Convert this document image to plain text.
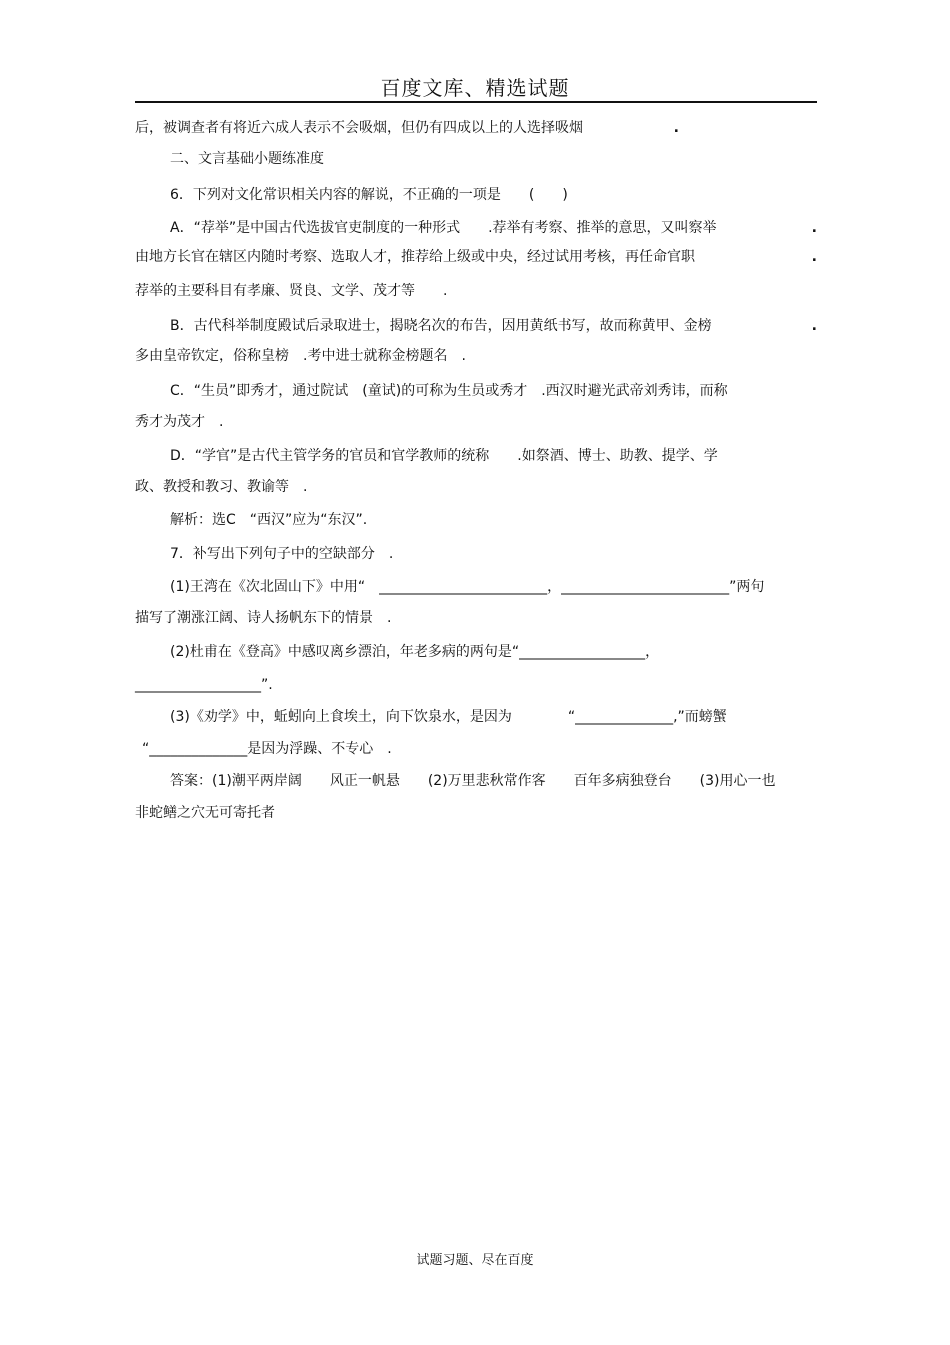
百度文库、精选试题
后，被调查者有将近六成人表示不会吸烟，但仍有四成以上的人选择吸烟	.
二、文言基础小题练准度
6．下列对文化常识相关内容的解说，不正确的一项是　　(　　)
A．“荐举”是中国古代选拔官吏制度的一种形式　　.荐举有考察、推举的意思，又叫察举	.
由地方长官在辖区内随时考察、选取人才，推荐给上级或中央，经过试用考核，再任命官职	.
荐举的主要科目有孝廉、贤良、文学、茂才等　　.
B．古代科举制度殿试后录取进士，揭晓名次的布告，因用黄纸书写，故而称黄甲、金榜	.
多由皇帝钦定，俗称皇榜　.考中进士就称金榜题名　.
C．“生员”即秀才，通过院试　(童试)的可称为生员或秀才　.西汉时避光武帝刘秀讳，而称
秀才为茂才　.
D．“学官”是古代主管学务的官员和官学教师的统称　　.如祭酒、博士、助教、提学、学
政、教授和教习、教谕等　.
解析：选C　“西汉”应为“东汉”.
7．补写出下列句子中的空缺部分　.
(1)王湾在《次北固山下》中用“　________________________，________________________”两句
描写了潮涨江阔、诗人扬帆东下的情景　.
(2)杜甫在《登高》中感叹离乡漂泊，年老多病的两句是“__________________，
__________________”.
(3)《劝学》中，蚯蚓向上食埃土，向下饮泉水，是因为　　　　“______________,”而螃蟹
“______________是因为浮躁、不专心　.
答案：(1)潮平两岸阔　　风正一帆悬　　(2)万里悲秋常作客　　百年多病独登台　　(3)用心一也
非蛇鳝之穴无可寄托者
试题习题、尽在百度
